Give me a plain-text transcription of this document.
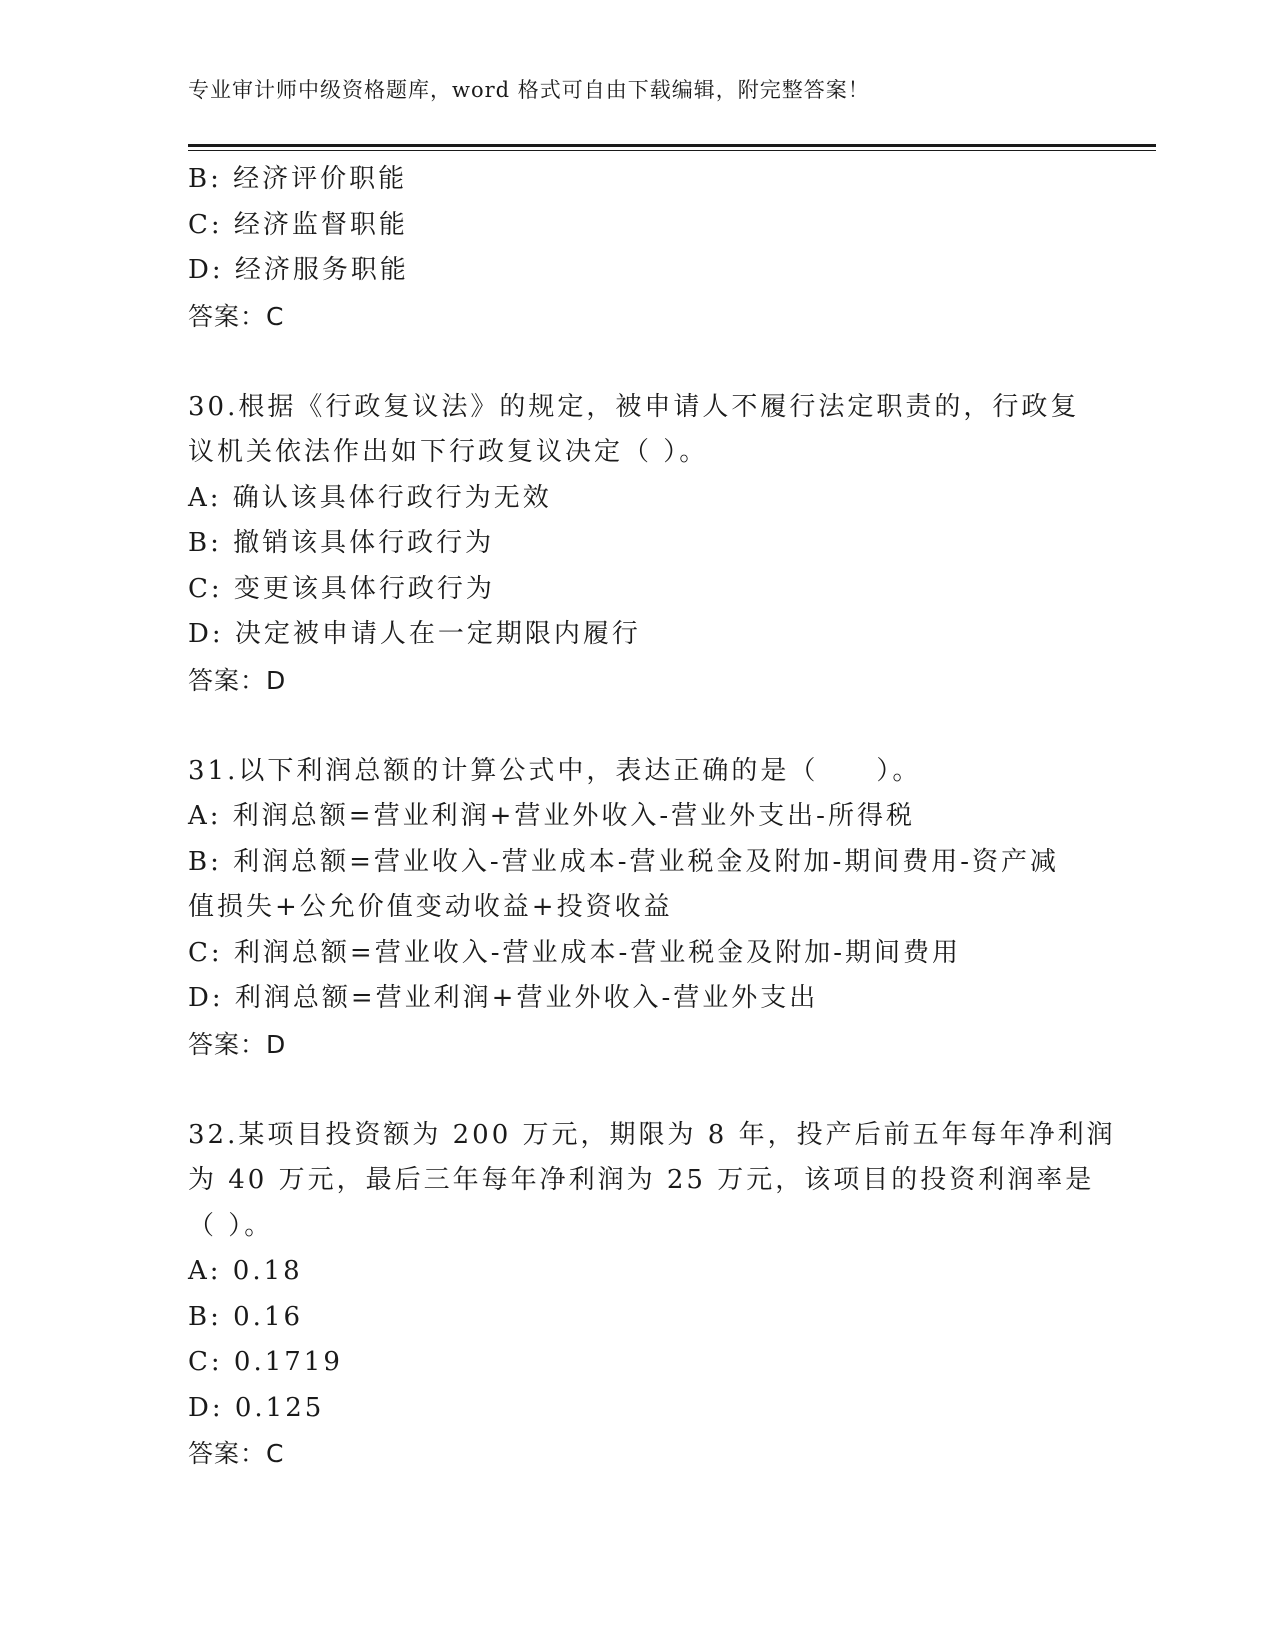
专业审计师中级资格题库，word 格式可自由下载编辑，附完整答案！
B: 经济评价职能
C: 经济监督职能
D: 经济服务职能
答案：C
30.根据《行政复议法》的规定，被申请人不履行法定职责的，行政复
议机关依法作出如下行政复议决定（ ）。
A: 确认该具体行政行为无效
B: 撤销该具体行政行为
C: 变更该具体行政行为
D: 决定被申请人在一定期限内履行
答案：D
31.以下利润总额的计算公式中，表达正确的是（　　）。
A: 利润总额=营业利润+营业外收入-营业外支出-所得税
B: 利润总额=营业收入-营业成本-营业税金及附加-期间费用-资产减
值损失+公允价值变动收益+投资收益
C: 利润总额=营业收入-营业成本-营业税金及附加-期间费用
D: 利润总额=营业利润+营业外收入-营业外支出
答案：D
32.某项目投资额为 200 万元，期限为 8 年，投产后前五年每年净利润
为 40 万元，最后三年每年净利润为 25 万元，该项目的投资利润率是
（ ）。
A: 0.18
B: 0.16
C: 0.1719
D: 0.125
答案：C
